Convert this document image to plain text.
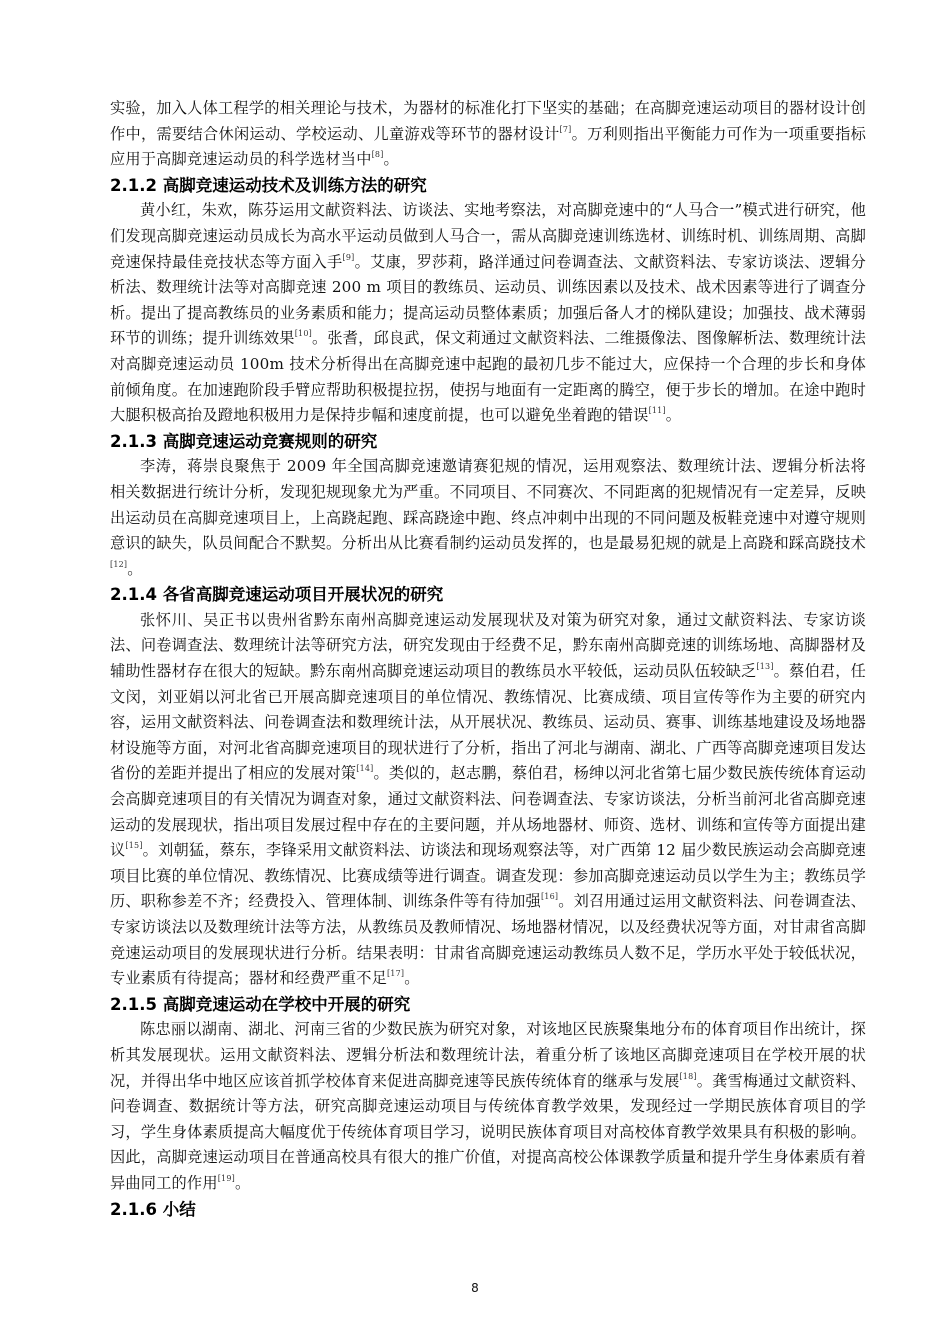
实验，加入人体工程学的相关理论与技术，为器材的标准化打下坚实的基础；在高脚竞速运动项目的器材设计创作中，需要结合休闲运动、学校运动、儿童游戏等环节的器材设计[7]。万利则指出平衡能力可作为一项重要指标应用于高脚竞速运动员的科学选材当中[8]。

2.1.2 高脚竞速运动技术及训练方法的研究

黄小红，朱欢，陈芬运用文献资料法、访谈法、实地考察法，对高脚竞速中的“人马合一”模式进行研究，他们发现高脚竞速运动员成长为高水平运动员做到人马合一，需从高脚竞速训练选材、训练时机、训练周期、高脚竞速保持最佳竞技状态等方面入手[9]。艾康，罗莎莉，路洋通过问卷调查法、文献资料法、专家访谈法、逻辑分析法、数理统计法等对高脚竞速 200 m 项目的教练员、运动员、训练因素以及技术、战术因素等进行了调查分析。提出了提高教练员的业务素质和能力；提高运动员整体素质；加强后备人才的梯队建设；加强技、战术薄弱环节的训练；提升训练效果[10]。张耆，邱良武，保文莉通过文献资料法、二维摄像法、图像解析法、数理统计法对高脚竞速运动员 100m 技术分析得出在高脚竞速中起跑的最初几步不能过大，应保持一个合理的步长和身体前倾角度。在加速跑阶段手臂应帮助积极提拉拐，使拐与地面有一定距离的腾空，便于步长的增加。在途中跑时大腿积极高抬及蹬地积极用力是保持步幅和速度前提，也可以避免坐着跑的错误[11]。

2.1.3 高脚竞速运动竞赛规则的研究

李涛，蒋崇良聚焦于 2009 年全国高脚竞速邀请赛犯规的情况，运用观察法、数理统计法、逻辑分析法将相关数据进行统计分析，发现犯规现象尤为严重。不同项目、不同赛次、不同距离的犯规情况有一定差异，反映出运动员在高脚竞速项目上，上高跷起跑、踩高跷途中跑、终点冲刺中出现的不同问题及板鞋竞速中对遵守规则意识的缺失，队员间配合不默契。分析出从比赛看制约运动员发挥的，也是最易犯规的就是上高跷和踩高跷技术[12]。

2.1.4 各省高脚竞速运动项目开展状况的研究

张怀川、吴正书以贵州省黔东南州高脚竞速运动发展现状及对策为研究对象，通过文献资料法、专家访谈法、问卷调查法、数理统计法等研究方法，研究发现由于经费不足，黔东南州高脚竞速的训练场地、高脚器材及辅助性器材存在很大的短缺。黔东南州高脚竞速运动项目的教练员水平较低，运动员队伍较缺乏[13]。蔡伯君，任文闵，刘亚娟以河北省已开展高脚竞速项目的单位情况、教练情况、比赛成绩、项目宣传等作为主要的研究内容，运用文献资料法、问卷调查法和数理统计法，从开展状况、教练员、运动员、赛事、训练基地建设及场地器材设施等方面，对河北省高脚竞速项目的现状进行了分析，指出了河北与湖南、湖北、广西等高脚竞速项目发达省份的差距并提出了相应的发展对策[14]。类似的，赵志鹏，蔡伯君，杨绅以河北省第七届少数民族传统体育运动会高脚竞速项目的有关情况为调查对象，通过文献资料法、问卷调查法、专家访谈法，分析当前河北省高脚竞速运动的发展现状，指出项目发展过程中存在的主要问题，并从场地器材、师资、选材、训练和宣传等方面提出建议[15]。刘朝猛，蔡东，李锋采用文献资料法、访谈法和现场观察法等，对广西第 12 届少数民族运动会高脚竞速项目比赛的单位情况、教练情况、比赛成绩等进行调查。调查发现：参加高脚竞速运动员以学生为主；教练员学历、职称参差不齐；经费投入、管理体制、训练条件等有待加强[16]。刘召用通过运用文献资料法、问卷调查法、专家访谈法以及数理统计法等方法，从教练员及教师情况、场地器材情况，以及经费状况等方面，对甘肃省高脚竞速运动项目的发展现状进行分析。结果表明：甘肃省高脚竞速运动教练员人数不足，学历水平处于较低状况，专业素质有待提高；器材和经费严重不足[17]。

2.1.5 高脚竞速运动在学校中开展的研究

陈忠丽以湖南、湖北、河南三省的少数民族为研究对象，对该地区民族聚集地分布的体育项目作出统计，探析其发展现状。运用文献资料法、逻辑分析法和数理统计法，着重分析了该地区高脚竞速项目在学校开展的状况，并得出华中地区应该首抓学校体育来促进高脚竞速等民族传统体育的继承与发展[18]。龚雪梅通过文献资料、问卷调查、数据统计等方法，研究高脚竞速运动项目与传统体育教学效果，发现经过一学期民族体育项目的学习，学生身体素质提高大幅度优于传统体育项目学习，说明民族体育项目对高校体育教学效果具有积极的影响。因此，高脚竞速运动项目在普通高校具有很大的推广价值，对提高高校公体课教学质量和提升学生身体素质有着异曲同工的作用[19]。

2.1.6 小结
8
